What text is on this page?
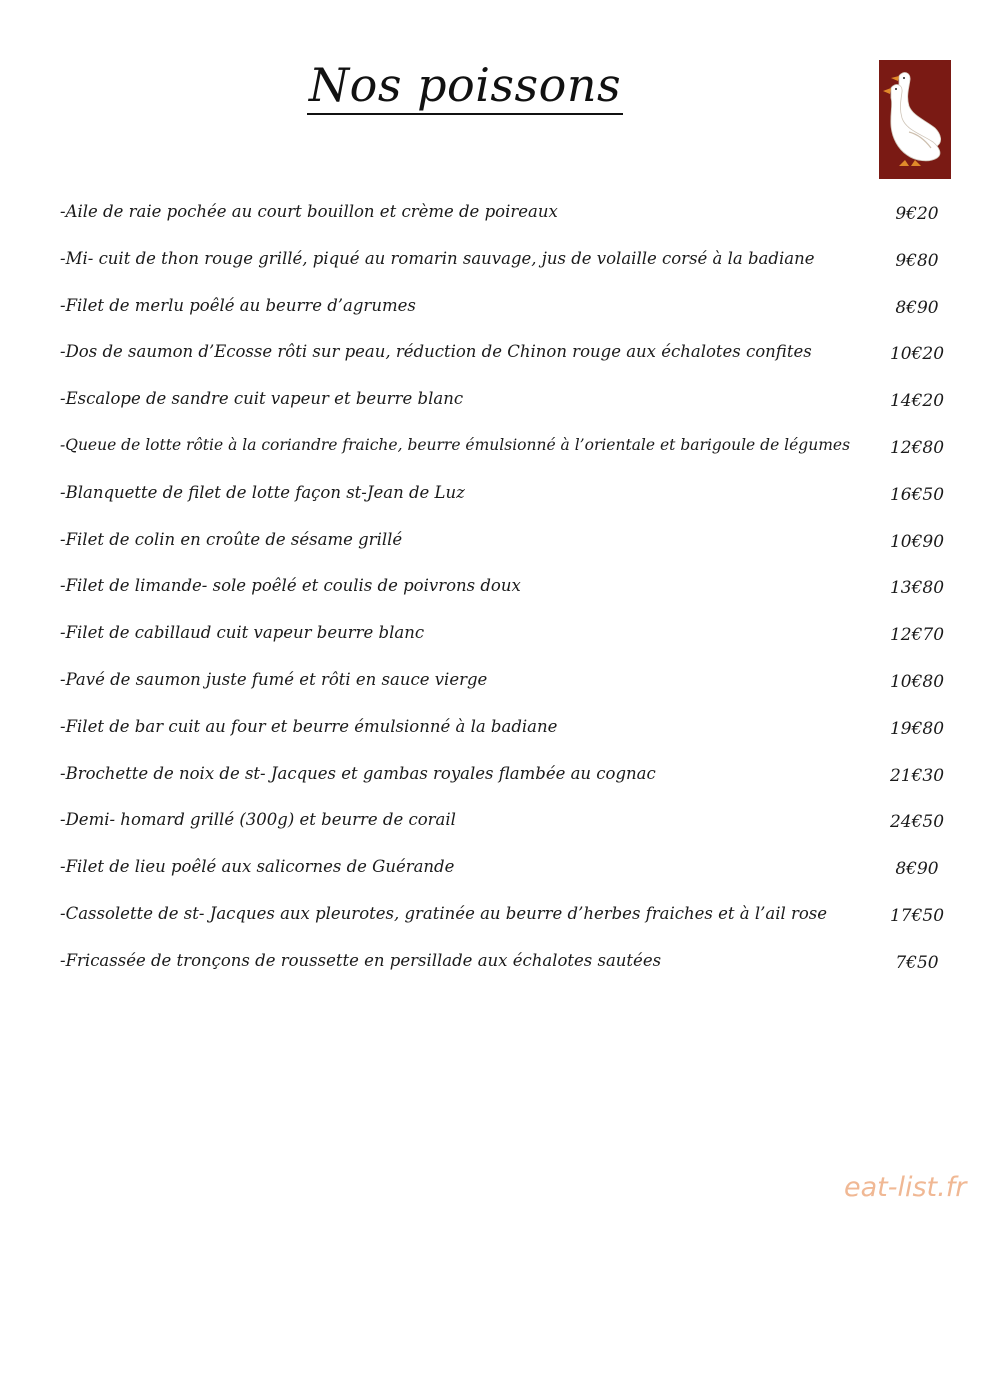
Nos poissons
-Aile de raie pochée au court bouillon et crème de poireaux	9€20
-Mi- cuit de thon rouge grillé, piqué au romarin sauvage, jus de volaille corsé à la badiane	9€80
-Filet de merlu poêlé au beurre d’agrumes	8€90
-Dos de saumon d’Ecosse rôti sur peau, réduction de Chinon rouge aux échalotes confites	10€20
-Escalope de sandre cuit vapeur et beurre blanc	14€20
-Queue de lotte rôtie à la coriandre fraiche, beurre émulsionné à l’orientale et barigoule de légumes	12€80
-Blanquette de filet de lotte façon st-Jean de Luz	16€50
-Filet de colin en croûte de sésame grillé	10€90
-Filet de limande- sole poêlé et coulis de poivrons doux	13€80
-Filet de cabillaud cuit vapeur beurre blanc	12€70
-Pavé de saumon juste fumé et rôti en sauce vierge	10€80
-Filet de bar cuit au four et beurre émulsionné à la badiane	19€80
-Brochette de noix de st- Jacques et gambas royales flambée au cognac	21€30
-Demi- homard grillé (300g) et beurre de corail	24€50
-Filet de lieu poêlé aux salicornes de Guérande	8€90
-Cassolette de st- Jacques aux pleurotes, gratinée au beurre d’herbes fraiches et à l’ail rose	17€50
-Fricassée de tronçons de roussette en persillade aux échalotes sautées	7€50
eat-list.fr
